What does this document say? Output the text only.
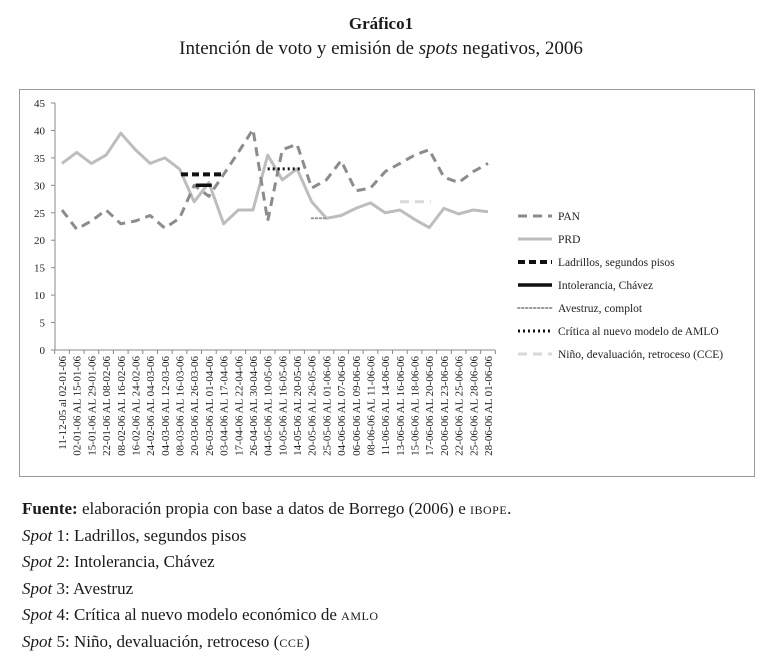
Gráfico1
Intención de voto y emisión de spots negativos, 2006
0
5
10
15
20
25
30
35
40
45
11-12-05 al 02-01-06 02-01-06 AL 15-01-06 15-01-06 AL 29-01-06 22-01-06 AL 08-02-06 08-02-06 AL 16-02-06 16-02-06 AL 24-02-06 24-02-06 AL 04-03-06 04-03-06 AL 12-03-06 08-03-06 AL 16-03-06 20-03-06 AL 26-03-06 26-03-06 AL 01-04-06 03-04-06 AL 17-04-06 17-04-06 AL 22-04-06 26-04-06 AL 30-04-06 04-05-06 AL 10-05-06 10-05-06 AL 16-05-06 14-05-06 AL 20-05-06 20-05-06 AL 26-05-06 25-05-06 AL 01-06-06 04-06-06 AL 07-06-06 06-06-06 AL 09-06-06 08-06-06 AL 11-06-06 11-06-06 AL 14-06-06 13-06-06 AL 16-06-06 15-06-06 AL 18-06-06 17-06-06 AL 20-06-06 20-06-06 AL 23-06-06 22-06-06 AL 25-06-06 25-06-06 AL 28-06-06 28-06-06 AL 01-06-06
PAN
PRD
Ladrillos, segundos pisos
Intolerancia, Chávez
Avestruz, complot
Crítica al nuevo modelo de AMLO
Niño, devaluación, retroceso (CCE)
Fuente: elaboración propia con base a datos de Borrego (2006) e ibope.
Spot 1: Ladrillos, segundos pisos
Spot 2: Intolerancia, Chávez
Spot 3: Avestruz
Spot 4: Crítica al nuevo modelo económico de amlo
Spot 5: Niño, devaluación, retroceso (cce)
